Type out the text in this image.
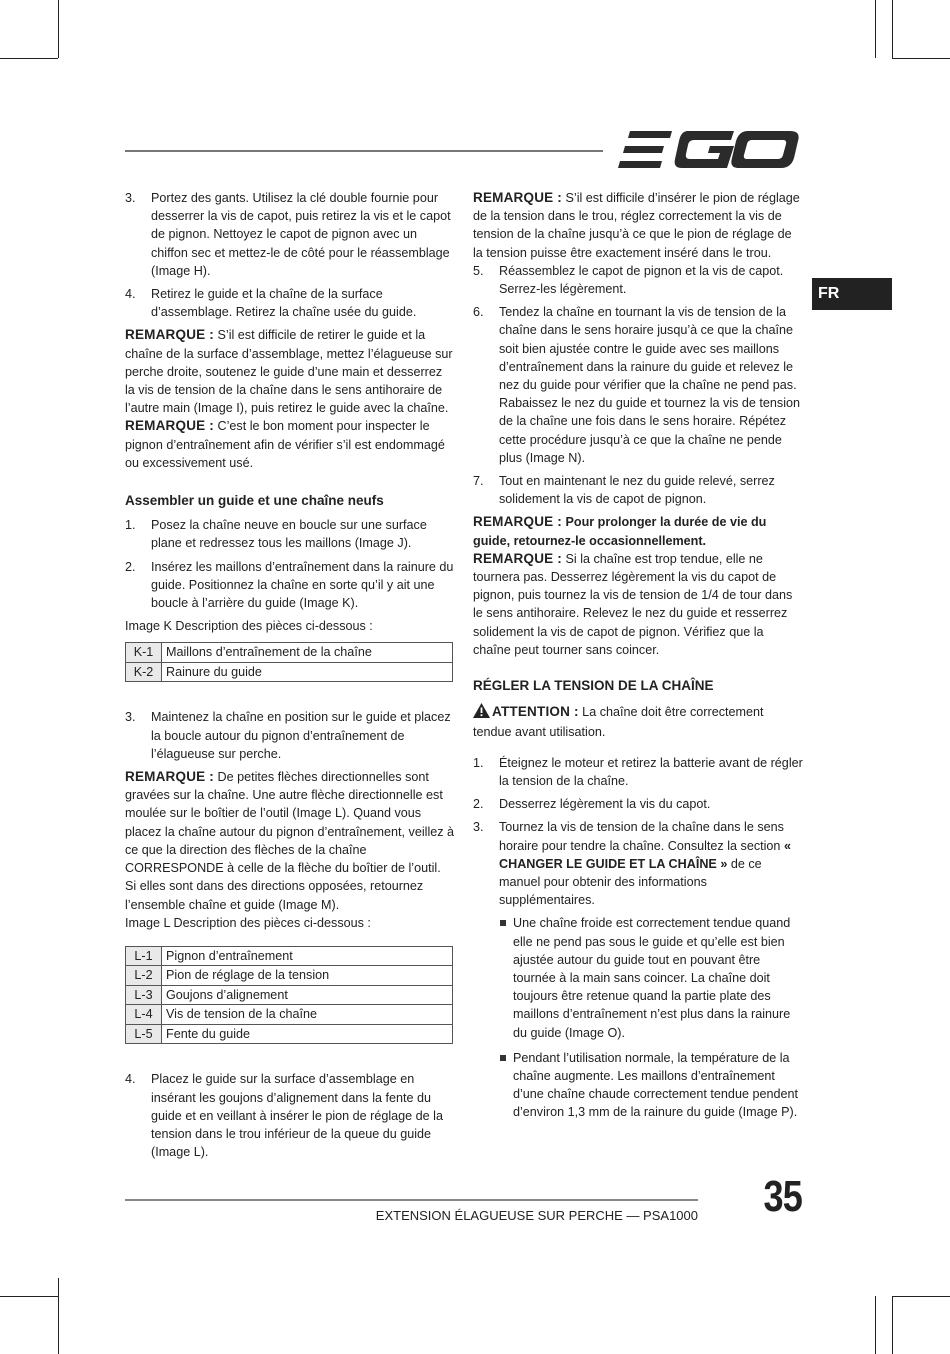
FR
3. Portez des gants. Utilisez la clé double fournie pour desserrer la vis de capot, puis retirez la vis et le capot de pignon. Nettoyez le capot de pignon avec un chiffon sec et mettez-le de côté pour le réassemblage (Image H).

4. Retirez le guide et la chaîne de la surface d’assemblage. Retirez la chaîne usée du guide.

REMARQUE : S’il est difficile de retirer le guide et la chaîne de la surface d’assemblage, mettez l’élagueuse sur perche droite, soutenez le guide d’une main et desserrez la vis de tension de la chaîne dans le sens antihoraire de l’autre main (Image I), puis retirez le guide avec la chaîne.

REMARQUE : C’est le bon moment pour inspecter le pignon d’entraînement afin de vérifier s’il est endommagé ou excessivement usé.

Assembler un guide et une chaîne neufs
1. Posez la chaîne neuve en boucle sur une surface plane et redressez tous les maillons (Image J).

2. Insérez les maillons d’entraînement dans la rainure du guide. Positionnez la chaîne en sorte qu’il y ait une boucle à l’arrière du guide (Image K).

Image K Description des pièces ci-dessous :

K-1	Maillons d’entraînement de la chaîne
K-2	Rainure du guide
3. Maintenez la chaîne en position sur le guide et placez la boucle autour du pignon d’entraînement de l’élagueuse sur perche.

REMARQUE : De petites flèches directionnelles sont gravées sur la chaîne. Une autre flèche directionnelle est moulée sur le boîtier de l’outil (Image L). Quand vous placez la chaîne autour du pignon d’entraînement, veillez à ce que la direction des flèches de la chaîne CORRESPONDE à celle de la flèche du boîtier de l’outil. Si elles sont dans des directions opposées, retournez l’ensemble chaîne et guide (Image M).

Image L Description des pièces ci-dessous :

L-1	Pignon d’entraînement
L-2	Pion de réglage de la tension
L-3	Goujons d’alignement
L-4	Vis de tension de la chaîne
L-5	Fente du guide
4. Placez le guide sur la surface d’assemblage en insérant les goujons d’alignement dans la fente du guide et en veillant à insérer le pion de réglage de la tension dans le trou inférieur de la queue du guide (Image L).

REMARQUE : S’il est difficile d’insérer le pion de réglage de la tension dans le trou, réglez correctement la vis de tension de la chaîne jusqu’à ce que le pion de réglage de la tension puisse être exactement inséré dans le trou.

5. Réassemblez le capot de pignon et la vis de capot. Serrez-les légèrement.

6. Tendez la chaîne en tournant la vis de tension de la chaîne dans le sens horaire jusqu’à ce que la chaîne soit bien ajustée contre le guide avec ses maillons d’entraînement dans la rainure du guide et relevez le nez du guide pour vérifier que la chaîne ne pend pas. Rabaissez le nez du guide et tournez la vis de tension de la chaîne une fois dans le sens horaire. Répétez cette procédure jusqu’à ce que la chaîne ne pende plus (Image N).

7. Tout en maintenant le nez du guide relevé, serrez solidement la vis de capot de pignon.

REMARQUE : Pour prolonger la durée de vie du guide, retournez-le occasionnellement.

REMARQUE : Si la chaîne est trop tendue, elle ne tournera pas. Desserrez légèrement la vis du capot de pignon, puis tournez la vis de tension de 1/4 de tour dans le sens antihoraire. Relevez le nez du guide et resserrez solidement la vis de capot de pignon. Vérifiez que la chaîne peut tourner sans coincer.

RÉGLER LA TENSION DE LA CHAÎNE

ATTENTION : La chaîne doit être correctement tendue avant utilisation.

1. Éteignez le moteur et retirez la batterie avant de régler la tension de la chaîne.

2. Desserrez légèrement la vis du capot.

3. Tournez la vis de tension de la chaîne dans le sens horaire pour tendre la chaîne. Consultez la section « CHANGER LE GUIDE ET LA CHAÎNE » de ce manuel pour obtenir des informations supplémentaires.

Une chaîne froide est correctement tendue quand elle ne pend pas sous le guide et qu’elle est bien ajustée autour du guide tout en pouvant être tournée à la main sans coincer. La chaîne doit toujours être retenue quand la partie plate des maillons d’entraînement n’est plus dans la rainure du guide (Image O).

Pendant l’utilisation normale, la température de la chaîne augmente. Les maillons d’entraînement d’une chaîne chaude correctement tendue pendent d’environ 1,3 mm de la rainure du guide (Image P).

EXTENSION ÉLAGUEUSE SUR PERCHE — PSA1000 35
